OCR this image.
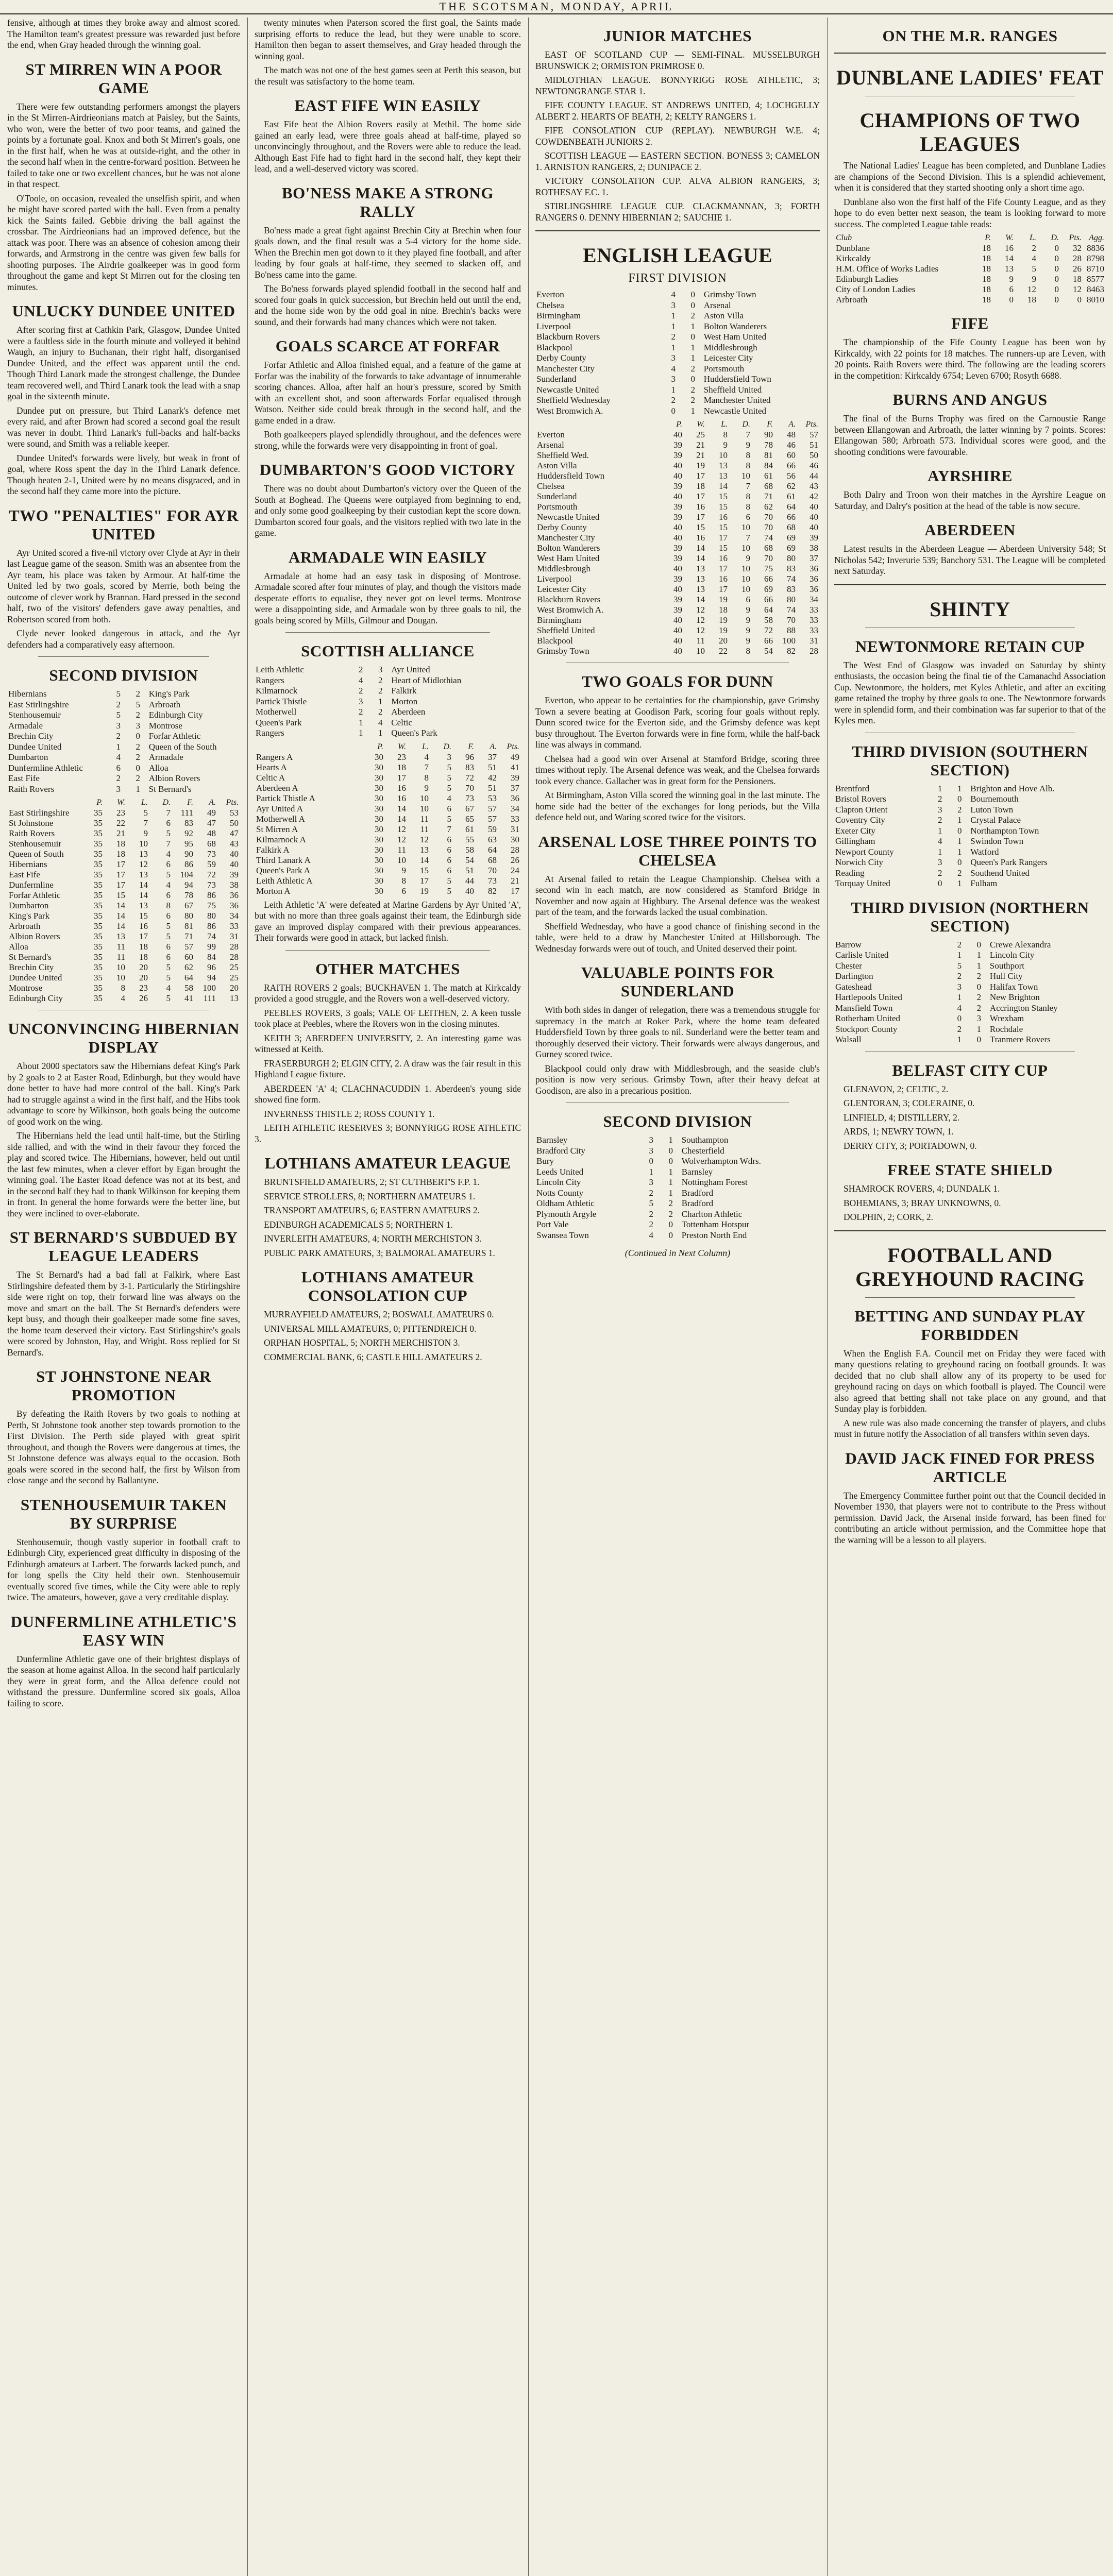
THE SCOTSMAN, MONDAY, APRIL

fensive, although at times they broke away and almost scored. The Hamilton team's greatest pressure was rewarded just before the end, when Gray headed through the winning goal.

ST MIRREN WIN A POOR GAME

There were few outstanding performers amongst the players in the St Mirren-Airdrieonians match at Paisley, but the Saints, who won, were the better of two poor teams, and gained the points by a fortunate goal. Knox and both St Mirren's goals, one in the first half, when he was at outside-right, and the other in the second half when in the centre-forward position. Between he failed to take one or two excellent chances, but he was not alone in that respect.

O'Toole, on occasion, revealed the unselfish spirit, and when he might have scored parted with the ball. Even from a penalty kick the Saints failed. Gebbie driving the ball against the crossbar. The Airdrieonians had an improved defence, but the attack was poor. There was an absence of cohesion among their forwards, and Armstrong in the centre was given few balls for shooting purposes. The Airdrie goalkeeper was in good form throughout the game and kept St Mirren out for the closing ten minutes.

UNLUCKY DUNDEE UNITED

After scoring first at Cathkin Park, Glasgow, Dundee United were a faultless side in the fourth minute and volleyed it behind Waugh, an injury to Buchanan, their right half, disorganised Dundee United, and the effect was apparent until the end. Though Third Lanark made the strongest challenge, the Dundee team recovered well, and Third Lanark took the lead with a snap goal in the sixteenth minute.

Dundee put on pressure, but Third Lanark's defence met every raid, and after Brown had scored a second goal the result was never in doubt. Third Lanark's full-backs and half-backs were sound, and Smith was a reliable keeper.

Dundee United's forwards were lively, but weak in front of goal, where Ross spent the day in the Third Lanark defence. Though beaten 2-1, United were by no means disgraced, and in the second half they came more into the picture.

TWO "PENALTIES" FOR AYR UNITED

Ayr United scored a five-nil victory over Clyde at Ayr in their last League game of the season. Smith was an absentee from the Ayr team, his place was taken by Armour. At half-time the United led by two goals, scored by Merrie, both being the outcome of clever work by Brannan. Hard pressed in the second half, two of the visitors' defenders gave away penalties, and Robertson scored from both.

Clyde never looked dangerous in attack, and the Ayr defenders had a comparatively easy afternoon.

SECOND DIVISION
Hibernians	5	2	King's Park
East Stirlingshire	2	5	Arbroath
Stenhousemuir	5	2	Edinburgh City
Armadale	3	3	Montrose
Brechin City	2	0	Forfar Athletic
Dundee United	1	2	Queen of the South
Dumbarton	4	2	Armadale
Dunfermline Athletic	6	0	Alloa
East Fife	2	2	Albion Rovers
Raith Rovers	3	1	St Bernard's
	P.	W.	L.	D.	F.	A.	Pts.
East Stirlingshire	35	23	5	7	111	49	53
St Johnstone	35	22	7	6	83	47	50
Raith Rovers	35	21	9	5	92	48	47
Stenhousemuir	35	18	10	7	95	68	43
Queen of South	35	18	13	4	90	73	40
Hibernians	35	17	12	6	86	59	40
East Fife	35	17	13	5	104	72	39
Dunfermline	35	17	14	4	94	73	38
Forfar Athletic	35	15	14	6	78	86	36
Dumbarton	35	14	13	8	67	75	36
King's Park	35	14	15	6	80	80	34
Arbroath	35	14	16	5	81	86	33
Albion Rovers	35	13	17	5	71	74	31
Alloa	35	11	18	6	57	99	28
St Bernard's	35	11	18	6	60	84	28
Brechin City	35	10	20	5	62	96	25
Dundee United	35	10	20	5	64	94	25
Montrose	35	8	23	4	58	100	20
Edinburgh City	35	4	26	5	41	111	13
UNCONVINCING HIBERNIAN DISPLAY

About 2000 spectators saw the Hibernians defeat King's Park by 2 goals to 2 at Easter Road, Edinburgh, but they would have done better to have had more control of the ball. King's Park had to struggle against a wind in the first half, and the Hibs took advantage to score by Wilkinson, both goals being the outcome of good work on the wing.

The Hibernians held the lead until half-time, but the Stirling side rallied, and with the wind in their favour they forced the play and scored twice. The Hibernians, however, held out until the last few minutes, when a clever effort by Egan brought the winning goal. The Easter Road defence was not at its best, and in the second half they had to thank Wilkinson for keeping them in front. In general the home forwards were the better line, but they were inclined to over-elaborate.

ST BERNARD'S SUBDUED BY LEAGUE LEADERS

The St Bernard's had a bad fall at Falkirk, where East Stirlingshire defeated them by 3-1. Particularly the Stirlingshire side were right on top, their forward line was always on the move and smart on the ball. The St Bernard's defenders were kept busy, and though their goalkeeper made some fine saves, the home team deserved their victory. East Stirlingshire's goals were scored by Johnston, Hay, and Wright. Ross replied for St Bernard's.

ST JOHNSTONE NEAR PROMOTION

By defeating the Raith Rovers by two goals to nothing at Perth, St Johnstone took another step towards promotion to the First Division. The Perth side played with great spirit throughout, and though the Rovers were dangerous at times, the St Johnstone defence was always equal to the occasion. Both goals were scored in the second half, the first by Wilson from close range and the second by Ballantyne.

STENHOUSEMUIR TAKEN BY SURPRISE

Stenhousemuir, though vastly superior in football craft to Edinburgh City, experienced great difficulty in disposing of the Edinburgh amateurs at Larbert. The forwards lacked punch, and for long spells the City held their own. Stenhousemuir eventually scored five times, while the City were able to reply twice. The amateurs, however, gave a very creditable display.

DUNFERMLINE ATHLETIC'S EASY WIN

Dunfermline Athletic gave one of their brightest displays of the season at home against Alloa. In the second half particularly they were in great form, and the Alloa defence could not withstand the pressure. Dunfermline scored six goals, Alloa failing to score.

twenty minutes when Paterson scored the first goal, the Saints made surprising efforts to reduce the lead, but they were unable to score. Hamilton then began to assert themselves, and Gray headed through the winning goal.

The match was not one of the best games seen at Perth this season, but the result was satisfactory to the home team.

EAST FIFE WIN EASILY

East Fife beat the Albion Rovers easily at Methil. The home side gained an early lead, were three goals ahead at half-time, played so unconvincingly throughout, and the Rovers were able to reduce the lead. Although East Fife had to fight hard in the second half, they kept their lead, and a well-deserved victory was scored.

BO'NESS MAKE A STRONG RALLY

Bo'ness made a great fight against Brechin City at Brechin when four goals down, and the final result was a 5-4 victory for the home side. When the Brechin men got down to it they played fine football, and after leading by four goals at half-time, they seemed to slacken off, and Bo'ness came into the game.

The Bo'ness forwards played splendid football in the second half and scored four goals in quick succession, but Brechin held out until the end, and the home side won by the odd goal in nine. Brechin's backs were sound, and their forwards had many chances which were not taken.

GOALS SCARCE AT FORFAR

Forfar Athletic and Alloa finished equal, and a feature of the game at Forfar was the inability of the forwards to take advantage of innumerable scoring chances. Alloa, after half an hour's pressure, scored by Smith with an excellent shot, and soon afterwards Forfar equalised through Watson. Neither side could break through in the second half, and the game ended in a draw.

Both goalkeepers played splendidly throughout, and the defences were strong, while the forwards were very disappointing in front of goal.

DUMBARTON'S GOOD VICTORY

There was no doubt about Dumbarton's victory over the Queen of the South at Boghead. The Queens were outplayed from beginning to end, and only some good goalkeeping by their custodian kept the score down. Dumbarton scored four goals, and the visitors replied with two late in the game.

ARMADALE WIN EASILY

Armadale at home had an easy task in disposing of Montrose. Armadale scored after four minutes of play, and though the visitors made desperate efforts to equalise, they never got on level terms. Montrose were a disappointing side, and Armadale won by three goals to nil, the goals being scored by Mills, Gilmour and Dougan.

SCOTTISH ALLIANCE
Leith Athletic	2	3	Ayr United
Rangers	4	2	Heart of Midlothian
Kilmarnock	2	2	Falkirk
Partick Thistle	3	1	Morton
Motherwell	2	2	Aberdeen
Queen's Park	1	4	Celtic
Rangers	1	1	Queen's Park
	P.	W.	L.	D.	F.	A.	Pts.
Rangers A	30	23	4	3	96	37	49
Hearts A	30	18	7	5	83	51	41
Celtic A	30	17	8	5	72	42	39
Aberdeen A	30	16	9	5	70	51	37
Partick Thistle A	30	16	10	4	73	53	36
Ayr United A	30	14	10	6	67	57	34
Motherwell A	30	14	11	5	65	57	33
St Mirren A	30	12	11	7	61	59	31
Kilmarnock A	30	12	12	6	55	63	30
Falkirk A	30	11	13	6	58	64	28
Third Lanark A	30	10	14	6	54	68	26
Queen's Park A	30	9	15	6	51	70	24
Leith Athletic A	30	8	17	5	44	73	21
Morton A	30	6	19	5	40	82	17

Leith Athletic 'A' were defeated at Marine Gardens by Ayr United 'A', but with no more than three goals against their team, the Edinburgh side gave an improved display compared with their previous appearances. Their forwards were good in attack, but lacked finish.

OTHER MATCHES

RAITH ROVERS 2 goals; BUCKHAVEN 1. The match at Kirkcaldy provided a good struggle, and the Rovers won a well-deserved victory.

PEEBLES ROVERS, 3 goals; VALE OF LEITHEN, 2. A keen tussle took place at Peebles, where the Rovers won in the closing minutes.

KEITH 3; ABERDEEN UNIVERSITY, 2. An interesting game was witnessed at Keith.

FRASERBURGH 2; ELGIN CITY, 2. A draw was the fair result in this Highland League fixture.

ABERDEEN 'A' 4; CLACHNACUDDIN 1. Aberdeen's young side showed fine form.

INVERNESS THISTLE 2; ROSS COUNTY 1.

LEITH ATHLETIC RESERVES 3; BONNYRIGG ROSE ATHLETIC 3.

LOTHIANS AMATEUR LEAGUE

BRUNTSFIELD AMATEURS, 2; ST CUTHBERT'S F.P. 1.

SERVICE STROLLERS, 8; NORTHERN AMATEURS 1.

TRANSPORT AMATEURS, 6; EASTERN AMATEURS 2.

EDINBURGH ACADEMICALS 5; NORTHERN 1.

INVERLEITH AMATEURS, 4; NORTH MERCHISTON 3.

PUBLIC PARK AMATEURS, 3; BALMORAL AMATEURS 1.

LOTHIANS AMATEUR CONSOLATION CUP

MURRAYFIELD AMATEURS, 2; BOSWALL AMATEURS 0.

UNIVERSAL MILL AMATEURS, 0; PITTENDREICH 0.

ORPHAN HOSPITAL, 5; NORTH MERCHISTON 3.

COMMERCIAL BANK, 6; CASTLE HILL AMATEURS 2.

JUNIOR MATCHES

EAST OF SCOTLAND CUP — SEMI-FINAL. MUSSELBURGH BRUNSWICK 2; ORMISTON PRIMROSE 0.

MIDLOTHIAN LEAGUE. BONNYRIGG ROSE ATHLETIC, 3; NEWTONGRANGE STAR 1.

FIFE COUNTY LEAGUE. ST ANDREWS UNITED, 4; LOCHGELLY ALBERT 2. HEARTS OF BEATH, 2; KELTY RANGERS 1.

FIFE CONSOLATION CUP (REPLAY). NEWBURGH W.E. 4; COWDENBEATH JUNIORS 2.

SCOTTISH LEAGUE — EASTERN SECTION. BO'NESS 3; CAMELON 1. ARNISTON RANGERS, 2; DUNIPACE 2.

VICTORY CONSOLATION CUP. ALVA ALBION RANGERS, 3; ROTHESAY F.C. 1.

STIRLINGSHIRE LEAGUE CUP. CLACKMANNAN, 3; FORTH RANGERS 0. DENNY HIBERNIAN 2; SAUCHIE 1.

ENGLISH LEAGUE
FIRST DIVISION
Everton	4	0	Grimsby Town
Chelsea	3	0	Arsenal
Birmingham	1	2	Aston Villa
Liverpool	1	1	Bolton Wanderers
Blackburn Rovers	2	0	West Ham United
Blackpool	1	1	Middlesbrough
Derby County	3	1	Leicester City
Manchester City	4	2	Portsmouth
Sunderland	3	0	Huddersfield Town
Newcastle United	1	2	Sheffield United
Sheffield Wednesday	2	2	Manchester United
West Bromwich A.	0	1	Newcastle United
	P.	W.	L.	D.	F.	A.	Pts.
Everton	40	25	8	7	90	48	57
Arsenal	39	21	9	9	78	46	51
Sheffield Wed.	39	21	10	8	81	60	50
Aston Villa	40	19	13	8	84	66	46
Huddersfield Town	40	17	13	10	61	56	44
Chelsea	39	18	14	7	68	62	43
Sunderland	40	17	15	8	71	61	42
Portsmouth	39	16	15	8	62	64	40
Newcastle United	39	17	16	6	70	66	40
Derby County	40	15	15	10	70	68	40
Manchester City	40	16	17	7	74	69	39
Bolton Wanderers	39	14	15	10	68	69	38
West Ham United	39	14	16	9	70	80	37
Middlesbrough	40	13	17	10	75	83	36
Liverpool	39	13	16	10	66	74	36
Leicester City	40	13	17	10	69	83	36
Blackburn Rovers	39	14	19	6	66	80	34
West Bromwich A.	39	12	18	9	64	74	33
Birmingham	40	12	19	9	58	70	33
Sheffield United	40	12	19	9	72	88	33
Blackpool	40	11	20	9	66	100	31
Grimsby Town	40	10	22	8	54	82	28
TWO GOALS FOR DUNN

Everton, who appear to be certainties for the championship, gave Grimsby Town a severe beating at Goodison Park, scoring four goals without reply. Dunn scored twice for the Everton side, and the Grimsby defence was kept busy throughout. The Everton forwards were in fine form, while the half-back line was always in command.

Chelsea had a good win over Arsenal at Stamford Bridge, scoring three times without reply. The Arsenal defence was weak, and the Chelsea forwards took every chance. Gallacher was in great form for the Pensioners.

At Birmingham, Aston Villa scored the winning goal in the last minute. The home side had the better of the exchanges for long periods, but the Villa defence held out, and Waring scored twice for the visitors.

ARSENAL LOSE THREE POINTS TO CHELSEA

At Arsenal failed to retain the League Championship. Chelsea with a second win in each match, are now considered as Stamford Bridge in November and now again at Highbury. The Arsenal defence was the weakest part of the team, and the forwards lacked the usual combination.

Sheffield Wednesday, who have a good chance of finishing second in the table, were held to a draw by Manchester United at Hillsborough. The Wednesday forwards were out of touch, and United deserved their point.

VALUABLE POINTS FOR SUNDERLAND

With both sides in danger of relegation, there was a tremendous struggle for supremacy in the match at Roker Park, where the home team defeated Huddersfield Town by three goals to nil. Sunderland were the better team and thoroughly deserved their victory. Their forwards were always dangerous, and Gurney scored twice.

Blackpool could only draw with Middlesbrough, and the seaside club's position is now very serious. Grimsby Town, after their heavy defeat at Goodison, are also in a precarious position.

SECOND DIVISION
Barnsley	3	1	Southampton
Bradford City	3	0	Chesterfield
Bury	0	0	Wolverhampton Wdrs.
Leeds United	1	1	Barnsley
Lincoln City	3	1	Nottingham Forest
Notts County	2	1	Bradford
Oldham Athletic	5	2	Bradford
Plymouth Argyle	2	2	Charlton Athletic
Port Vale	2	0	Tottenham Hotspur
Swansea Town	4	0	Preston North End
(Continued in Next Column)
ON THE M.R. RANGES
DUNBLANE LADIES' FEAT
CHAMPIONS OF TWO LEAGUES

The National Ladies' League has been completed, and Dunblane Ladies are champions of the Second Division. This is a splendid achievement, when it is considered that they started shooting only a short time ago.

Dunblane also won the first half of the Fife County League, and as they hope to do even better next season, the team is looking forward to more success. The completed League table reads:

Club	P.	W.	L.	D.	Pts.	Agg.
Dunblane	18	16	2	0	32	8836
Kirkcaldy	18	14	4	0	28	8798
H.M. Office of Works Ladies	18	13	5	0	26	8710
Edinburgh Ladies	18	9	9	0	18	8577
City of London Ladies	18	6	12	0	12	8463
Arbroath	18	0	18	0	0	8010
FIFE

The championship of the Fife County League has been won by Kirkcaldy, with 22 points for 18 matches. The runners-up are Leven, with 20 points. Raith Rovers were third. The following are the leading scorers in the competition: Kirkcaldy 6754; Leven 6700; Rosyth 6688.

BURNS AND ANGUS

The final of the Burns Trophy was fired on the Carnoustie Range between Ellangowan and Arbroath, the latter winning by 7 points. Scores: Ellangowan 580; Arbroath 573. Individual scores were good, and the shooting conditions were favourable.

AYRSHIRE

Both Dalry and Troon won their matches in the Ayrshire League on Saturday, and Dalry's position at the head of the table is now secure.

ABERDEEN

Latest results in the Aberdeen League — Aberdeen University 548; St Nicholas 542; Inverurie 539; Banchory 531. The League will be completed next Saturday.

SHINTY
NEWTONMORE RETAIN CUP

The West End of Glasgow was invaded on Saturday by shinty enthusiasts, the occasion being the final tie of the Camanachd Association Cup. Newtonmore, the holders, met Kyles Athletic, and after an exciting game retained the trophy by three goals to one. The Newtonmore forwards were in splendid form, and their combination was far superior to that of the Kyles men.

THIRD DIVISION (SOUTHERN SECTION)
Brentford	1	1	Brighton and Hove Alb.
Bristol Rovers	2	0	Bournemouth
Clapton Orient	3	2	Luton Town
Coventry City	2	1	Crystal Palace
Exeter City	1	0	Northampton Town
Gillingham	4	1	Swindon Town
Newport County	1	1	Watford
Norwich City	3	0	Queen's Park Rangers
Reading	2	2	Southend United
Torquay United	0	1	Fulham
THIRD DIVISION (NORTHERN SECTION)
Barrow	2	0	Crewe Alexandra
Carlisle United	1	1	Lincoln City
Chester	5	1	Southport
Darlington	2	2	Hull City
Gateshead	3	0	Halifax Town
Hartlepools United	1	2	New Brighton
Mansfield Town	4	2	Accrington Stanley
Rotherham United	0	3	Wrexham
Stockport County	2	1	Rochdale
Walsall	1	0	Tranmere Rovers
BELFAST CITY CUP

GLENAVON, 2; CELTIC, 2.

GLENTORAN, 3; COLERAINE, 0.

LINFIELD, 4; DISTILLERY, 2.

ARDS, 1; NEWRY TOWN, 1.

DERRY CITY, 3; PORTADOWN, 0.

FREE STATE SHIELD

SHAMROCK ROVERS, 4; DUNDALK 1.

BOHEMIANS, 3; BRAY UNKNOWNS, 0.

DOLPHIN, 2; CORK, 2.

FOOTBALL AND GREYHOUND RACING
BETTING AND SUNDAY PLAY FORBIDDEN

When the English F.A. Council met on Friday they were faced with many questions relating to greyhound racing on football grounds. It was decided that no club shall allow any of its property to be used for greyhound racing on days on which football is played. The Council were also agreed that betting shall not take place on any ground, and that Sunday play is forbidden.

A new rule was also made concerning the transfer of players, and clubs must in future notify the Association of all transfers within seven days.

DAVID JACK FINED FOR PRESS ARTICLE

The Emergency Committee further point out that the Council decided in November 1930, that players were not to contribute to the Press without permission. David Jack, the Arsenal inside forward, has been fined for contributing an article without permission, and the Committee hope that the warning will be a lesson to all players.
